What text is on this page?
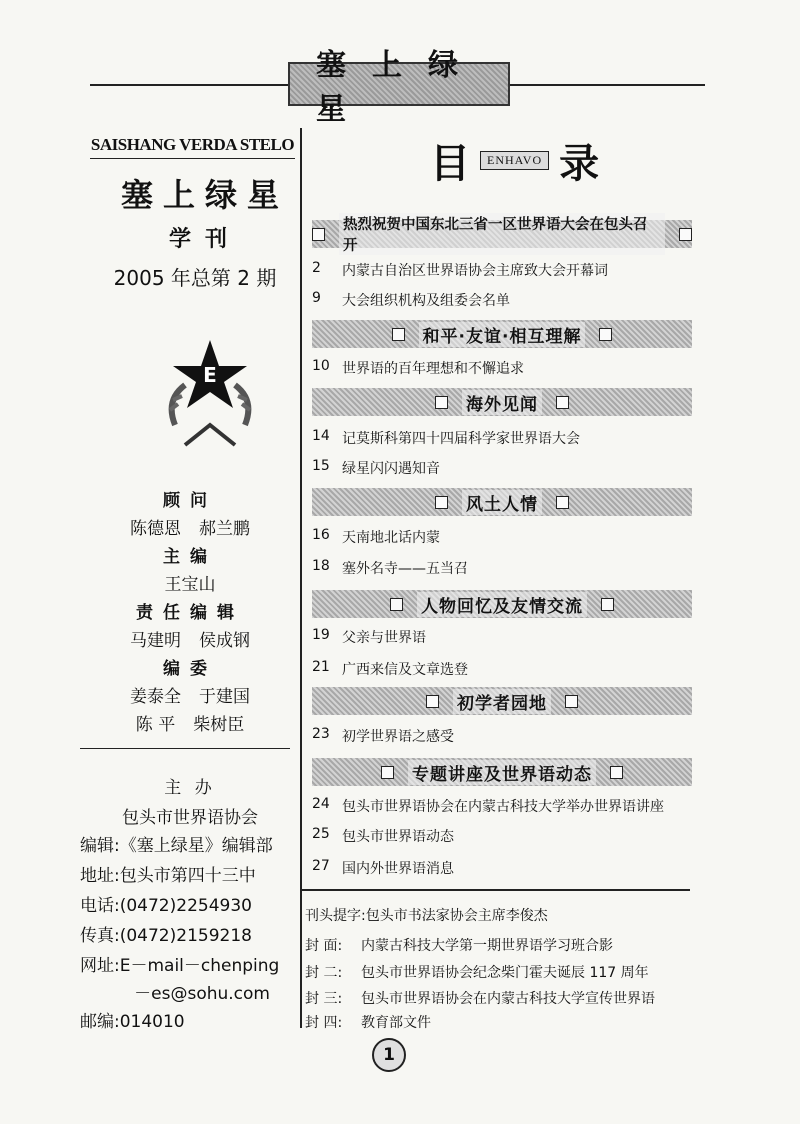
塞上绿星
SAISHANG VERDA STELO
塞上绿星
学刊
2005 年总第 2 期
E
顾问
陈德恩 郝兰鹏
主编
王宝山
责任编辑
马建明 侯成钢
编委
姜泰全 于建国
陈 平 柴树臣
主 办
包头市世界语协会
编辑:《塞上绿星》编辑部
地址:包头市第四十三中
电话:(0472)2254930
传真:(0472)2159218
网址:E－mail－chenping
－es@sohu.com
邮编:014010
目	ENHAVO 录
热烈祝贺中国东北三省一区世界语大会在包头召开
2	内蒙古自治区世界语协会主席致大会开幕词
9	大会组织机构及组委会名单
和平·友谊·相互理解
10 世界语的百年理想和不懈追求
海外见闻
14 记莫斯科第四十四届科学家世界语大会
15 绿星闪闪遇知音
风土人情
16 天南地北话内蒙
18 塞外名寺——五当召
人物回忆及友情交流
19 父亲与世界语
21 广西来信及文章选登
初学者园地
23 初学世界语之感受
专题讲座及世界语动态
24 包头市世界语协会在内蒙古科技大学举办世界语讲座
25 包头市世界语动态
27 国内外世界语消息
刊头提字:包头市书法家协会主席李俊杰
封 面:	内蒙古科技大学第一期世界语学习班合影
封 二:	包头市世界语协会纪念柴门霍夫诞辰 117 周年
封 三:	包头市世界语协会在内蒙古科技大学宣传世界语
封 四:	教育部文件
1
